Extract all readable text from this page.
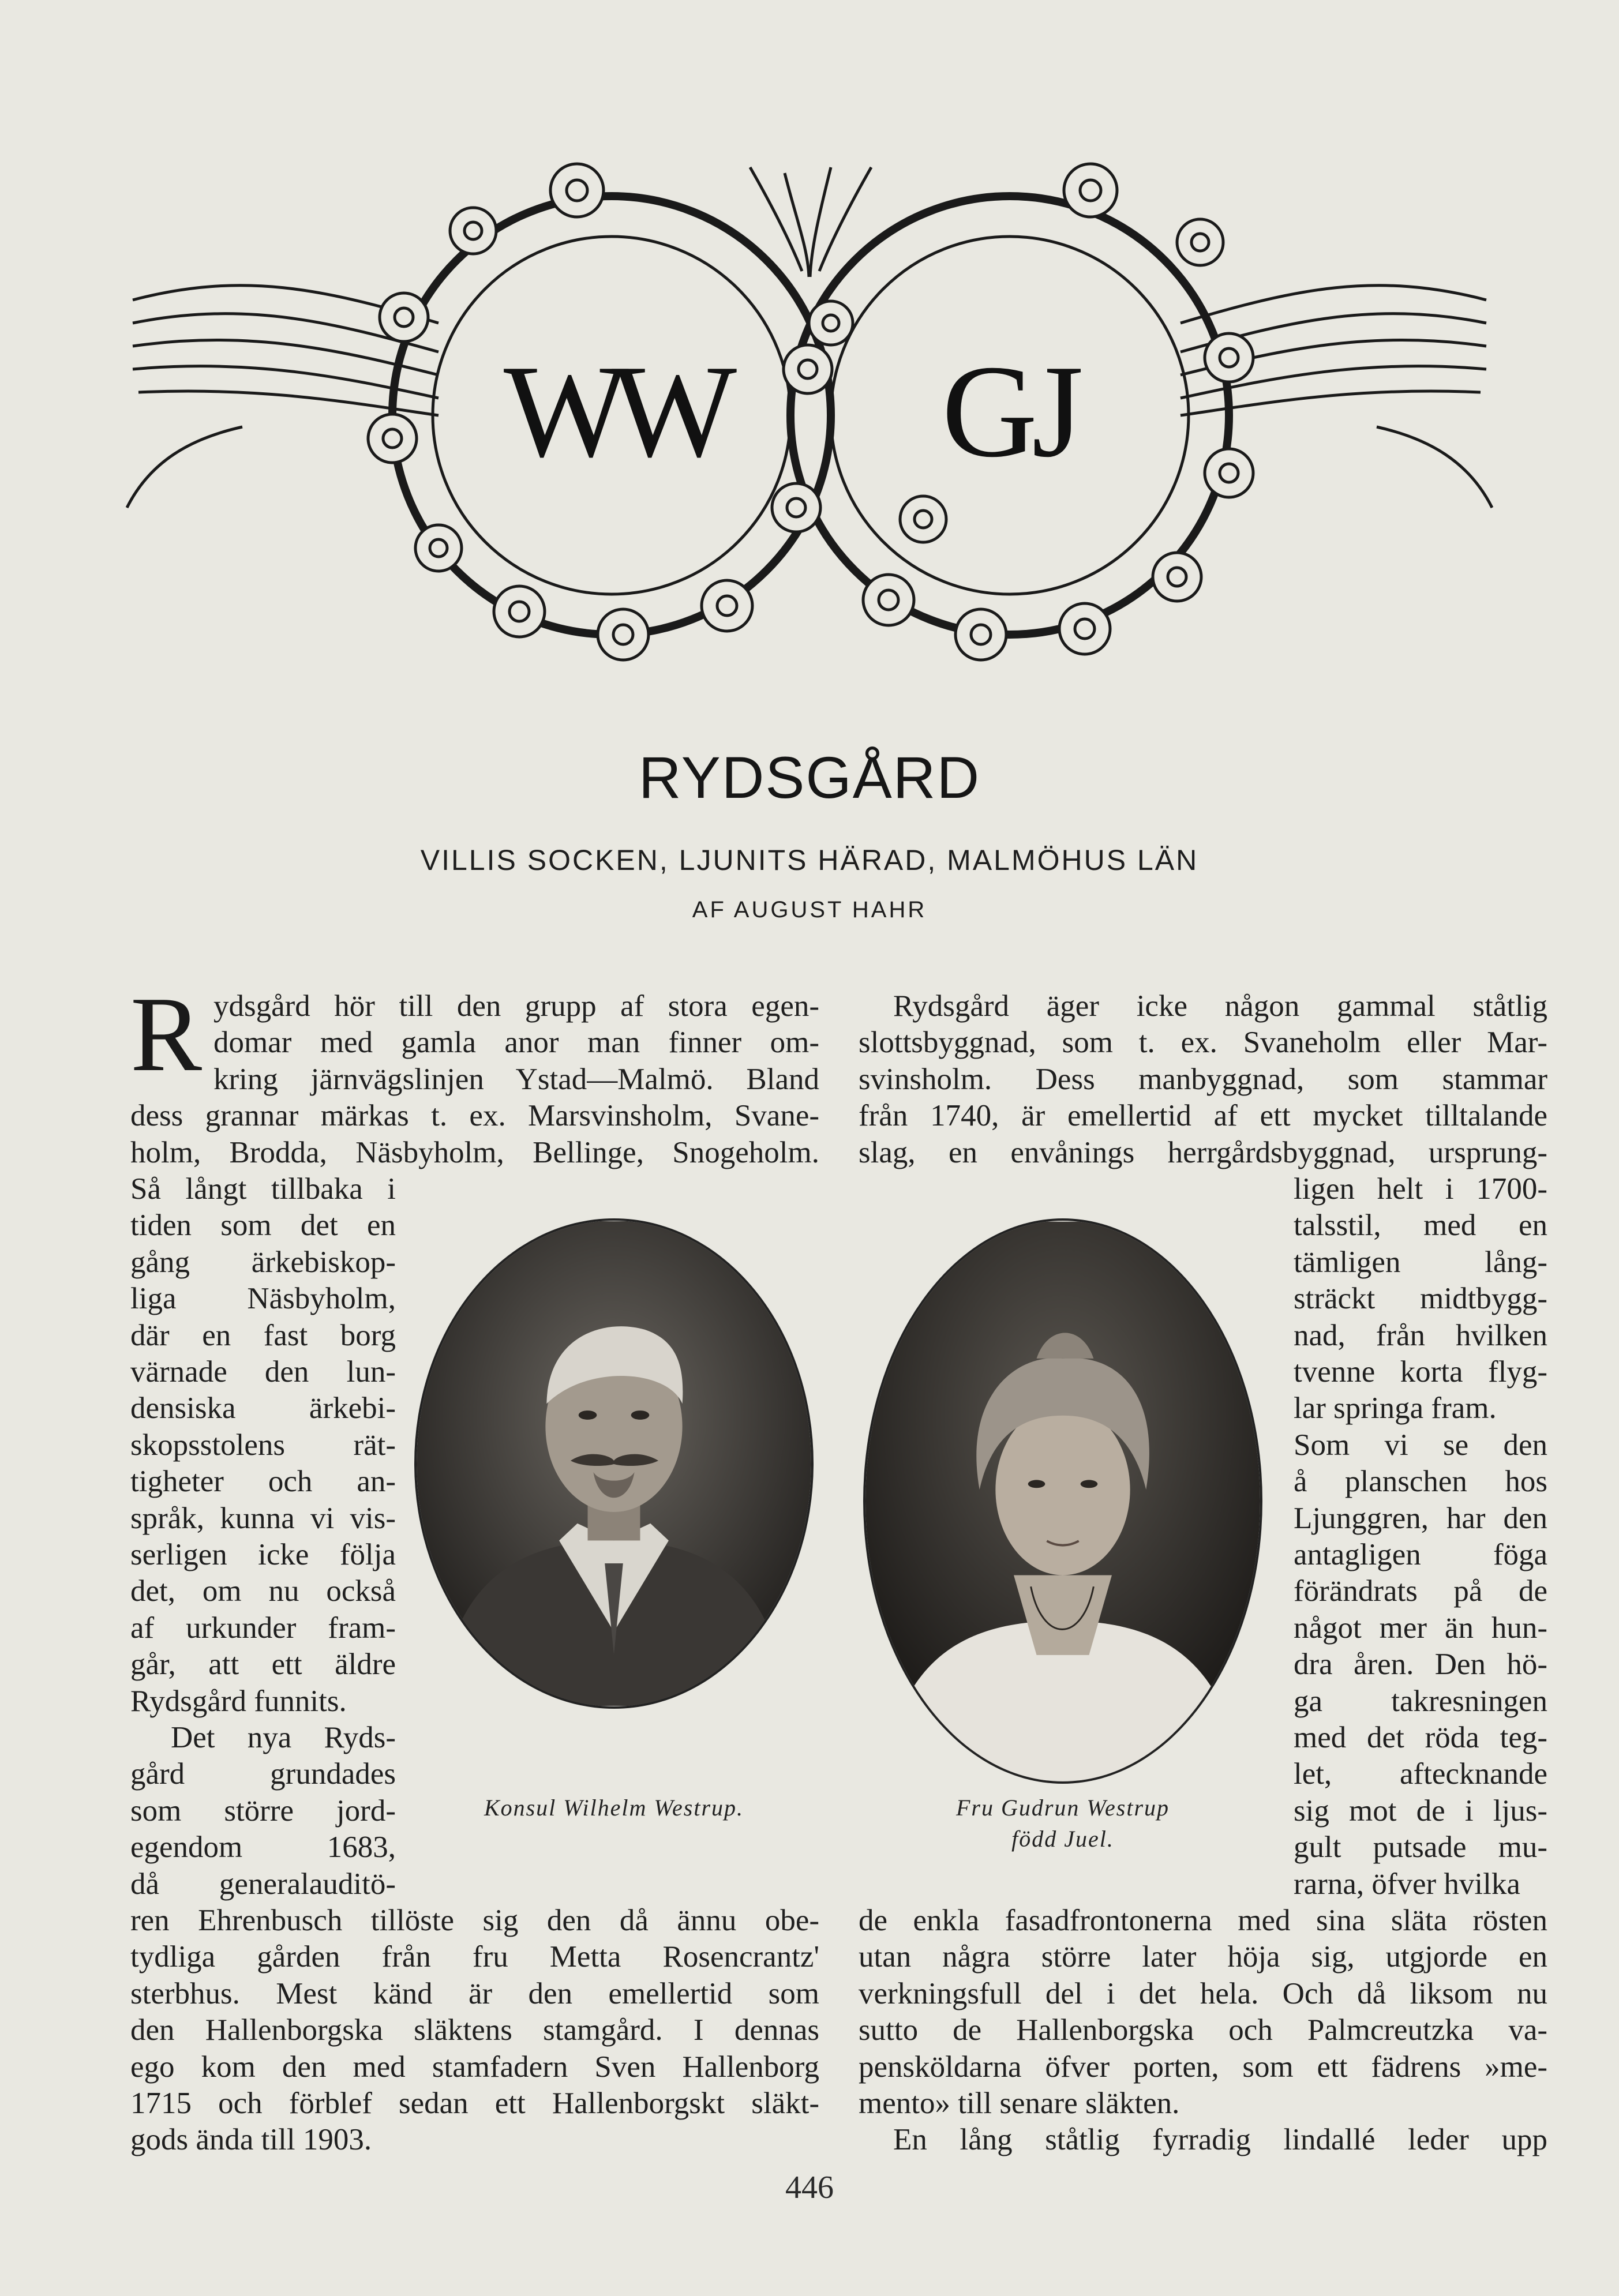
WW GJ
RYDSGÅRD
VILLIS SOCKEN, LJUNITS HÄRAD, MALMÖHUS LÄN
AF AUGUST HAHR
R ydsgård hör till den grupp af stora egen-
domar med gamla anor man finner om-
kring järnvägslinjen Ystad—Malmö. Bland
dess grannar märkas t. ex. Marsvinsholm, Svane-
holm, Brodda, Näsbyholm, Bellinge, Snogeholm.
Så långt tillbaka i
tiden som det en
gång ärkebiskop-
liga Näsbyholm,
där en fast borg
värnade den lun-
densiska ärkebi-
skopsstolens rät-
tigheter och an-
språk, kunna vi vis-
serligen icke följa
det, om nu också
af urkunder fram-
går, att ett äldre
Rydsgård funnits.
Det nya Ryds-
gård grundades
som större jord-
egendom 1683,
då generalauditö-
ren Ehrenbusch tillöste sig den då ännu obe-
tydliga gården från fru Metta Rosencrantz'
sterbhus. Mest känd är den emellertid som
den Hallenborgska släktens stamgård. I dennas
ego kom den med stamfadern Sven Hallenborg
1715 och förblef sedan ett Hallenborgskt släkt-
gods ända till 1903.
Rydsgård äger icke någon gammal ståtlig
slottsbyggnad, som t. ex. Svaneholm eller Mar-
svinsholm. Dess manbyggnad, som stammar
från 1740, är emellertid af ett mycket tilltalande
slag, en envånings herrgårdsbyggnad, ursprung-
ligen helt i 1700-
talsstil, med en
tämligen lång-
sträckt midtbygg-
nad, från hvilken
tvenne korta flyg-
lar springa fram.
Som vi se den
å planschen hos
Ljunggren, har den
antagligen föga
förändrats på de
något mer än hun-
dra åren. Den hö-
ga takresningen
med det röda teg-
let, aftecknande
sig mot de i ljus-
gult putsade mu-
rarna, öfver hvilka
de enkla fasadfrontonerna med sina släta rösten
utan några större later höja sig, utgjorde en
verkningsfull del i det hela. Och då liksom nu
sutto de Hallenborgska och Palmcreutzka va-
pensköldarna öfver porten, som ett fädrens »me-
mento» till senare släkten.
En lång ståtlig fyrradig lindallé leder upp
Konsul Wilhelm Westrup.	Fru Gudrun Westrup
född Juel.
446
